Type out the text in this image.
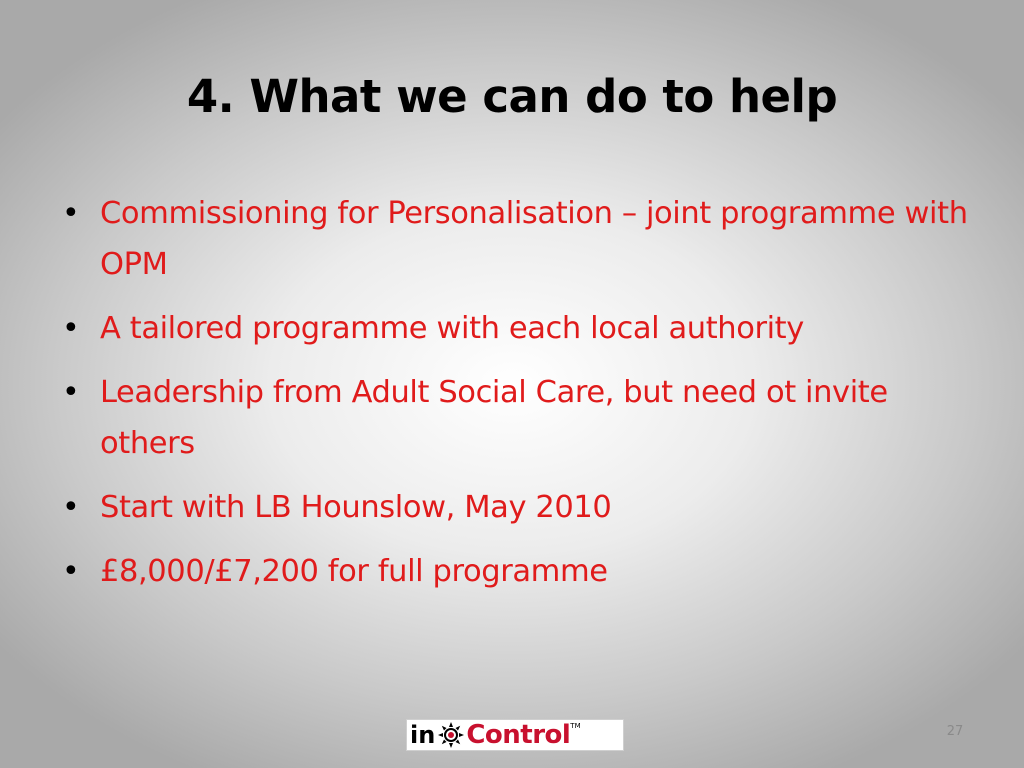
4. What we can do to help
• Commissioning for Personalisation – joint programme with OPM
• A tailored programme with each local authority
• Leadership from Adult Social Care, but need ot invite others
• Start with LB Hounslow, May 2010
• £8,000/£7,200 for full programme
in Control TM	27
